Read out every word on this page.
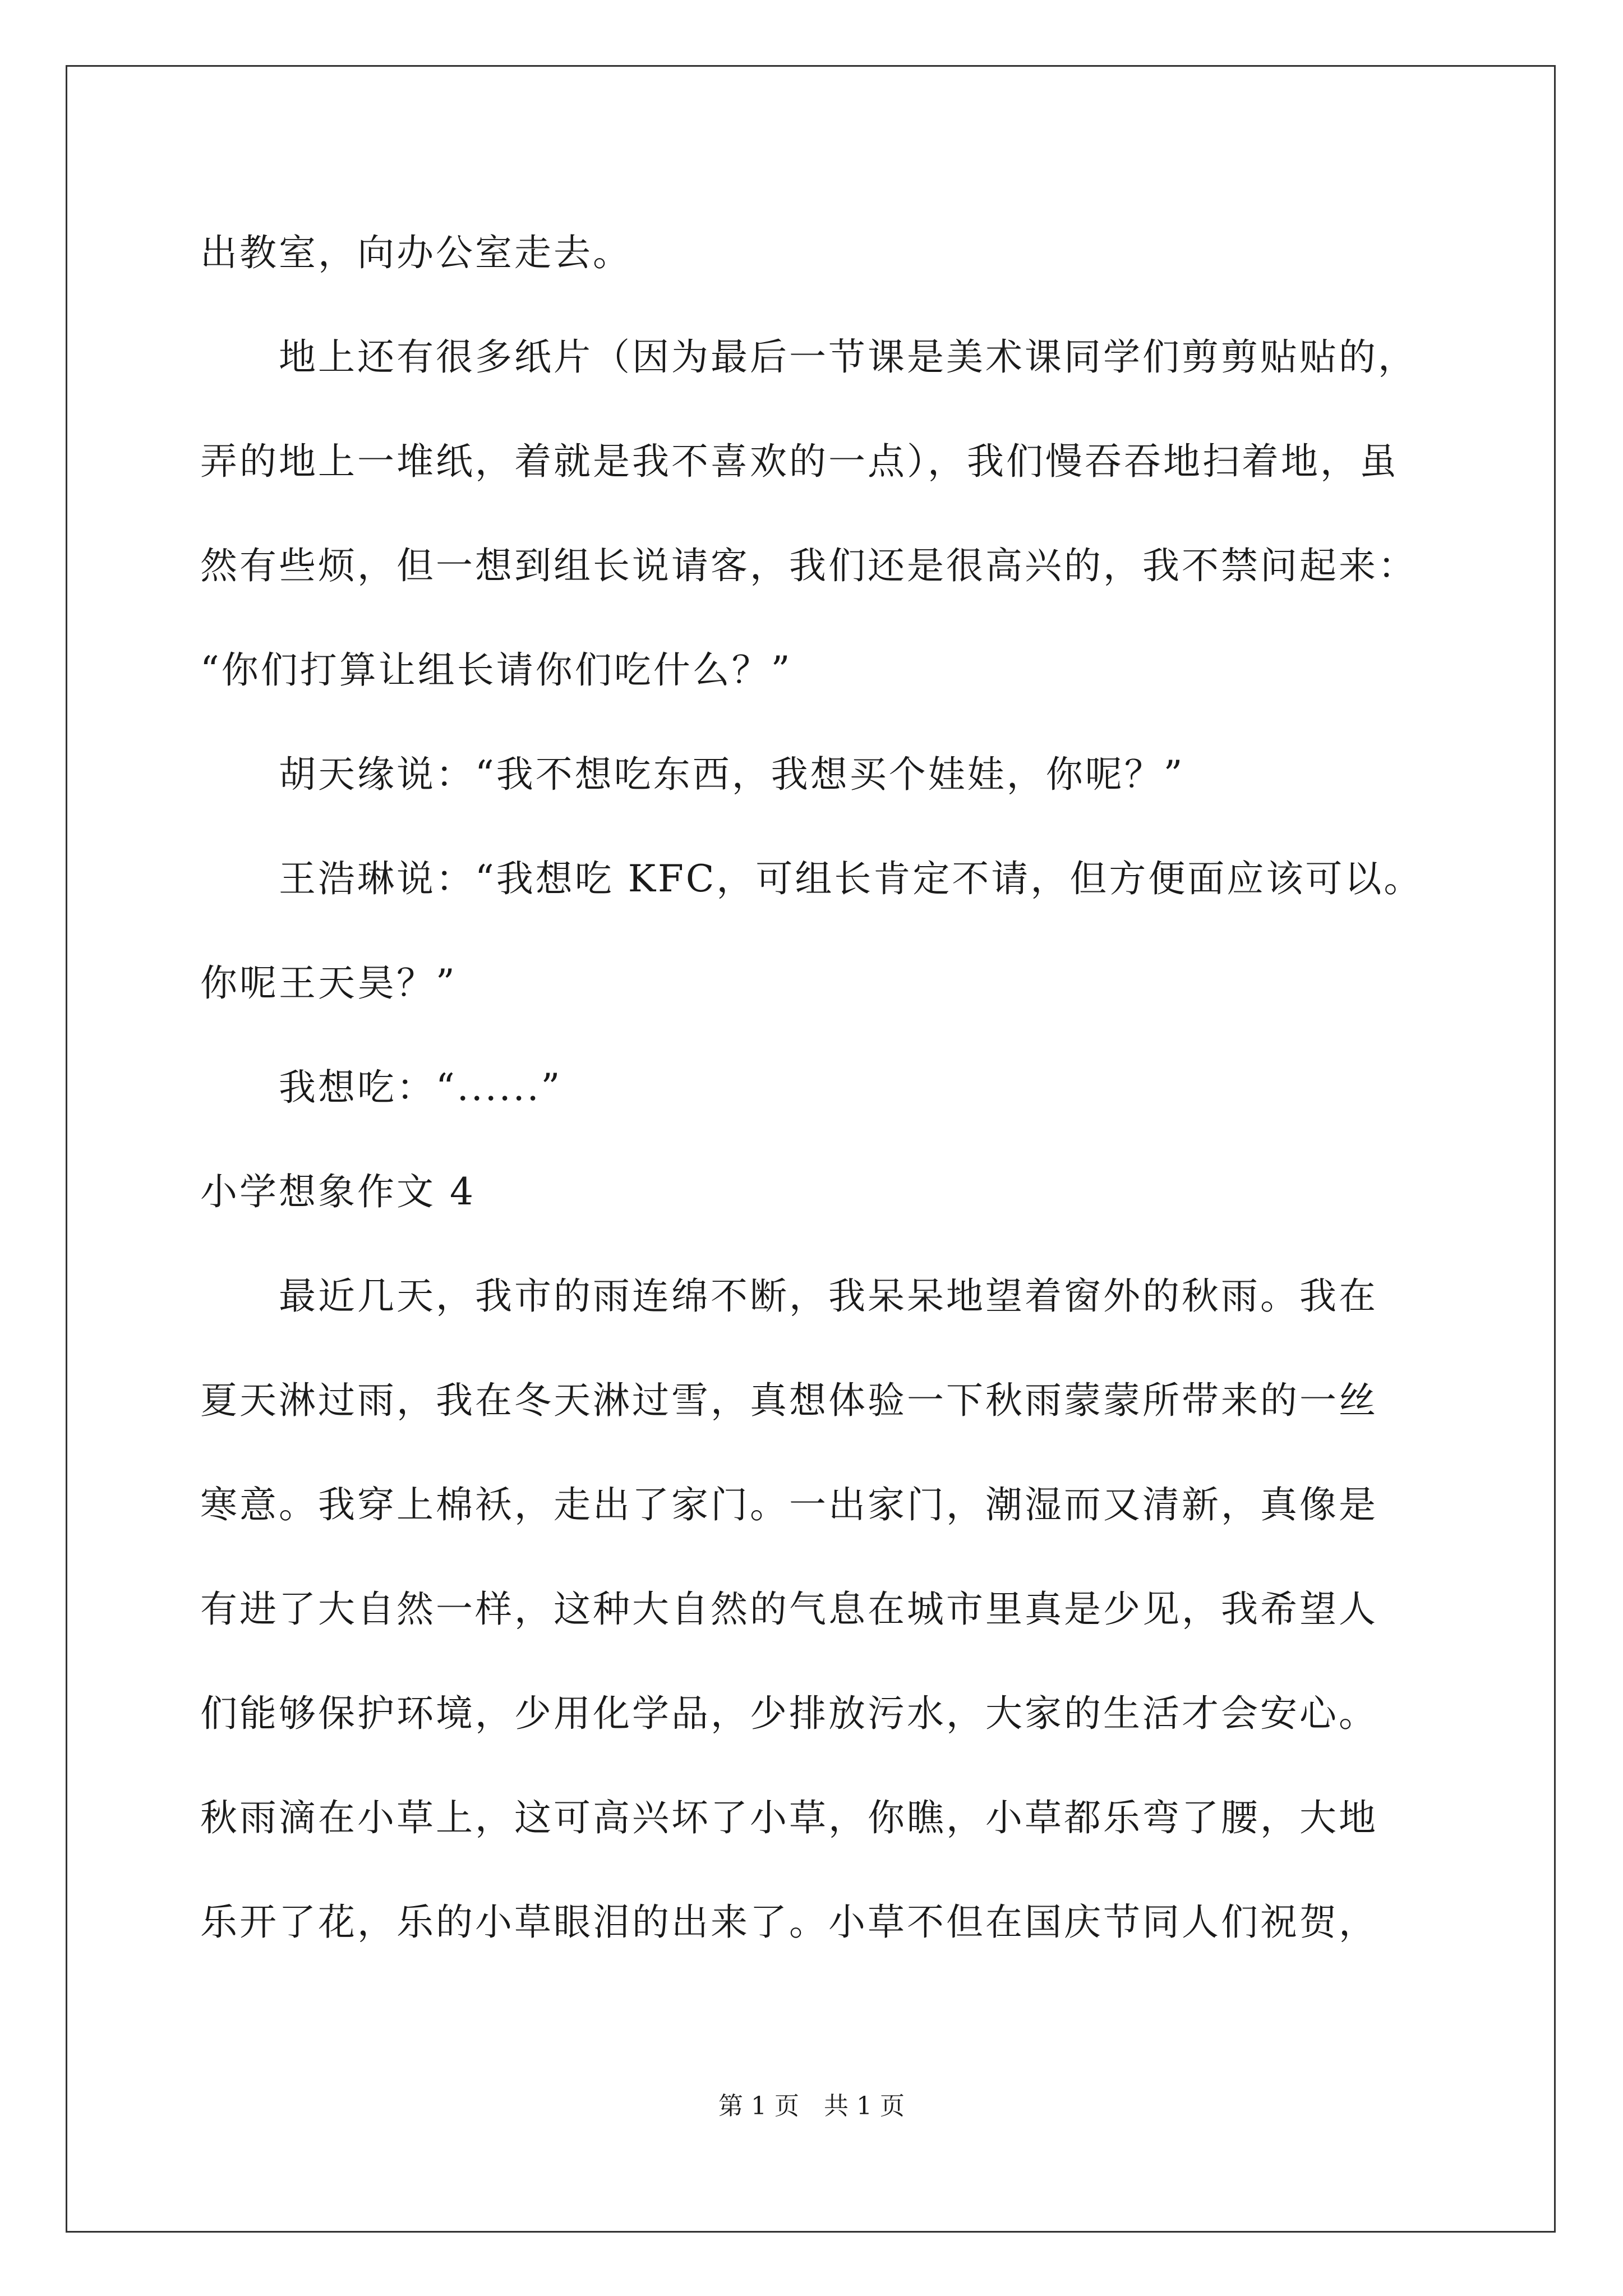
出教室，向办公室走去。

　　地上还有很多纸片（因为最后一节课是美术课同学们剪剪贴贴的，

弄的地上一堆纸，着就是我不喜欢的一点），我们慢吞吞地扫着地，虽

然有些烦，但一想到组长说请客，我们还是很高兴的，我不禁问起来：

“你们打算让组长请你们吃什么？”

　　胡天缘说：“我不想吃东西，我想买个娃娃，你呢？”

　　王浩琳说：“我想吃 KFC，可组长肯定不请，但方便面应该可以。

你呢王天昊？”

　　我想吃：“......”

小学想象作文 4

　　最近几天，我市的雨连绵不断，我呆呆地望着窗外的秋雨。我在

夏天淋过雨，我在冬天淋过雪，真想体验一下秋雨蒙蒙所带来的一丝

寒意。我穿上棉袄，走出了家门。一出家门，潮湿而又清新，真像是

有进了大自然一样，这种大自然的气息在城市里真是少见，我希望人

们能够保护环境，少用化学品，少排放污水，大家的生活才会安心。

秋雨滴在小草上，这可高兴坏了小草，你瞧，小草都乐弯了腰，大地

乐开了花，乐的小草眼泪的出来了。小草不但在国庆节同人们祝贺，

第 1 页　共 1 页
